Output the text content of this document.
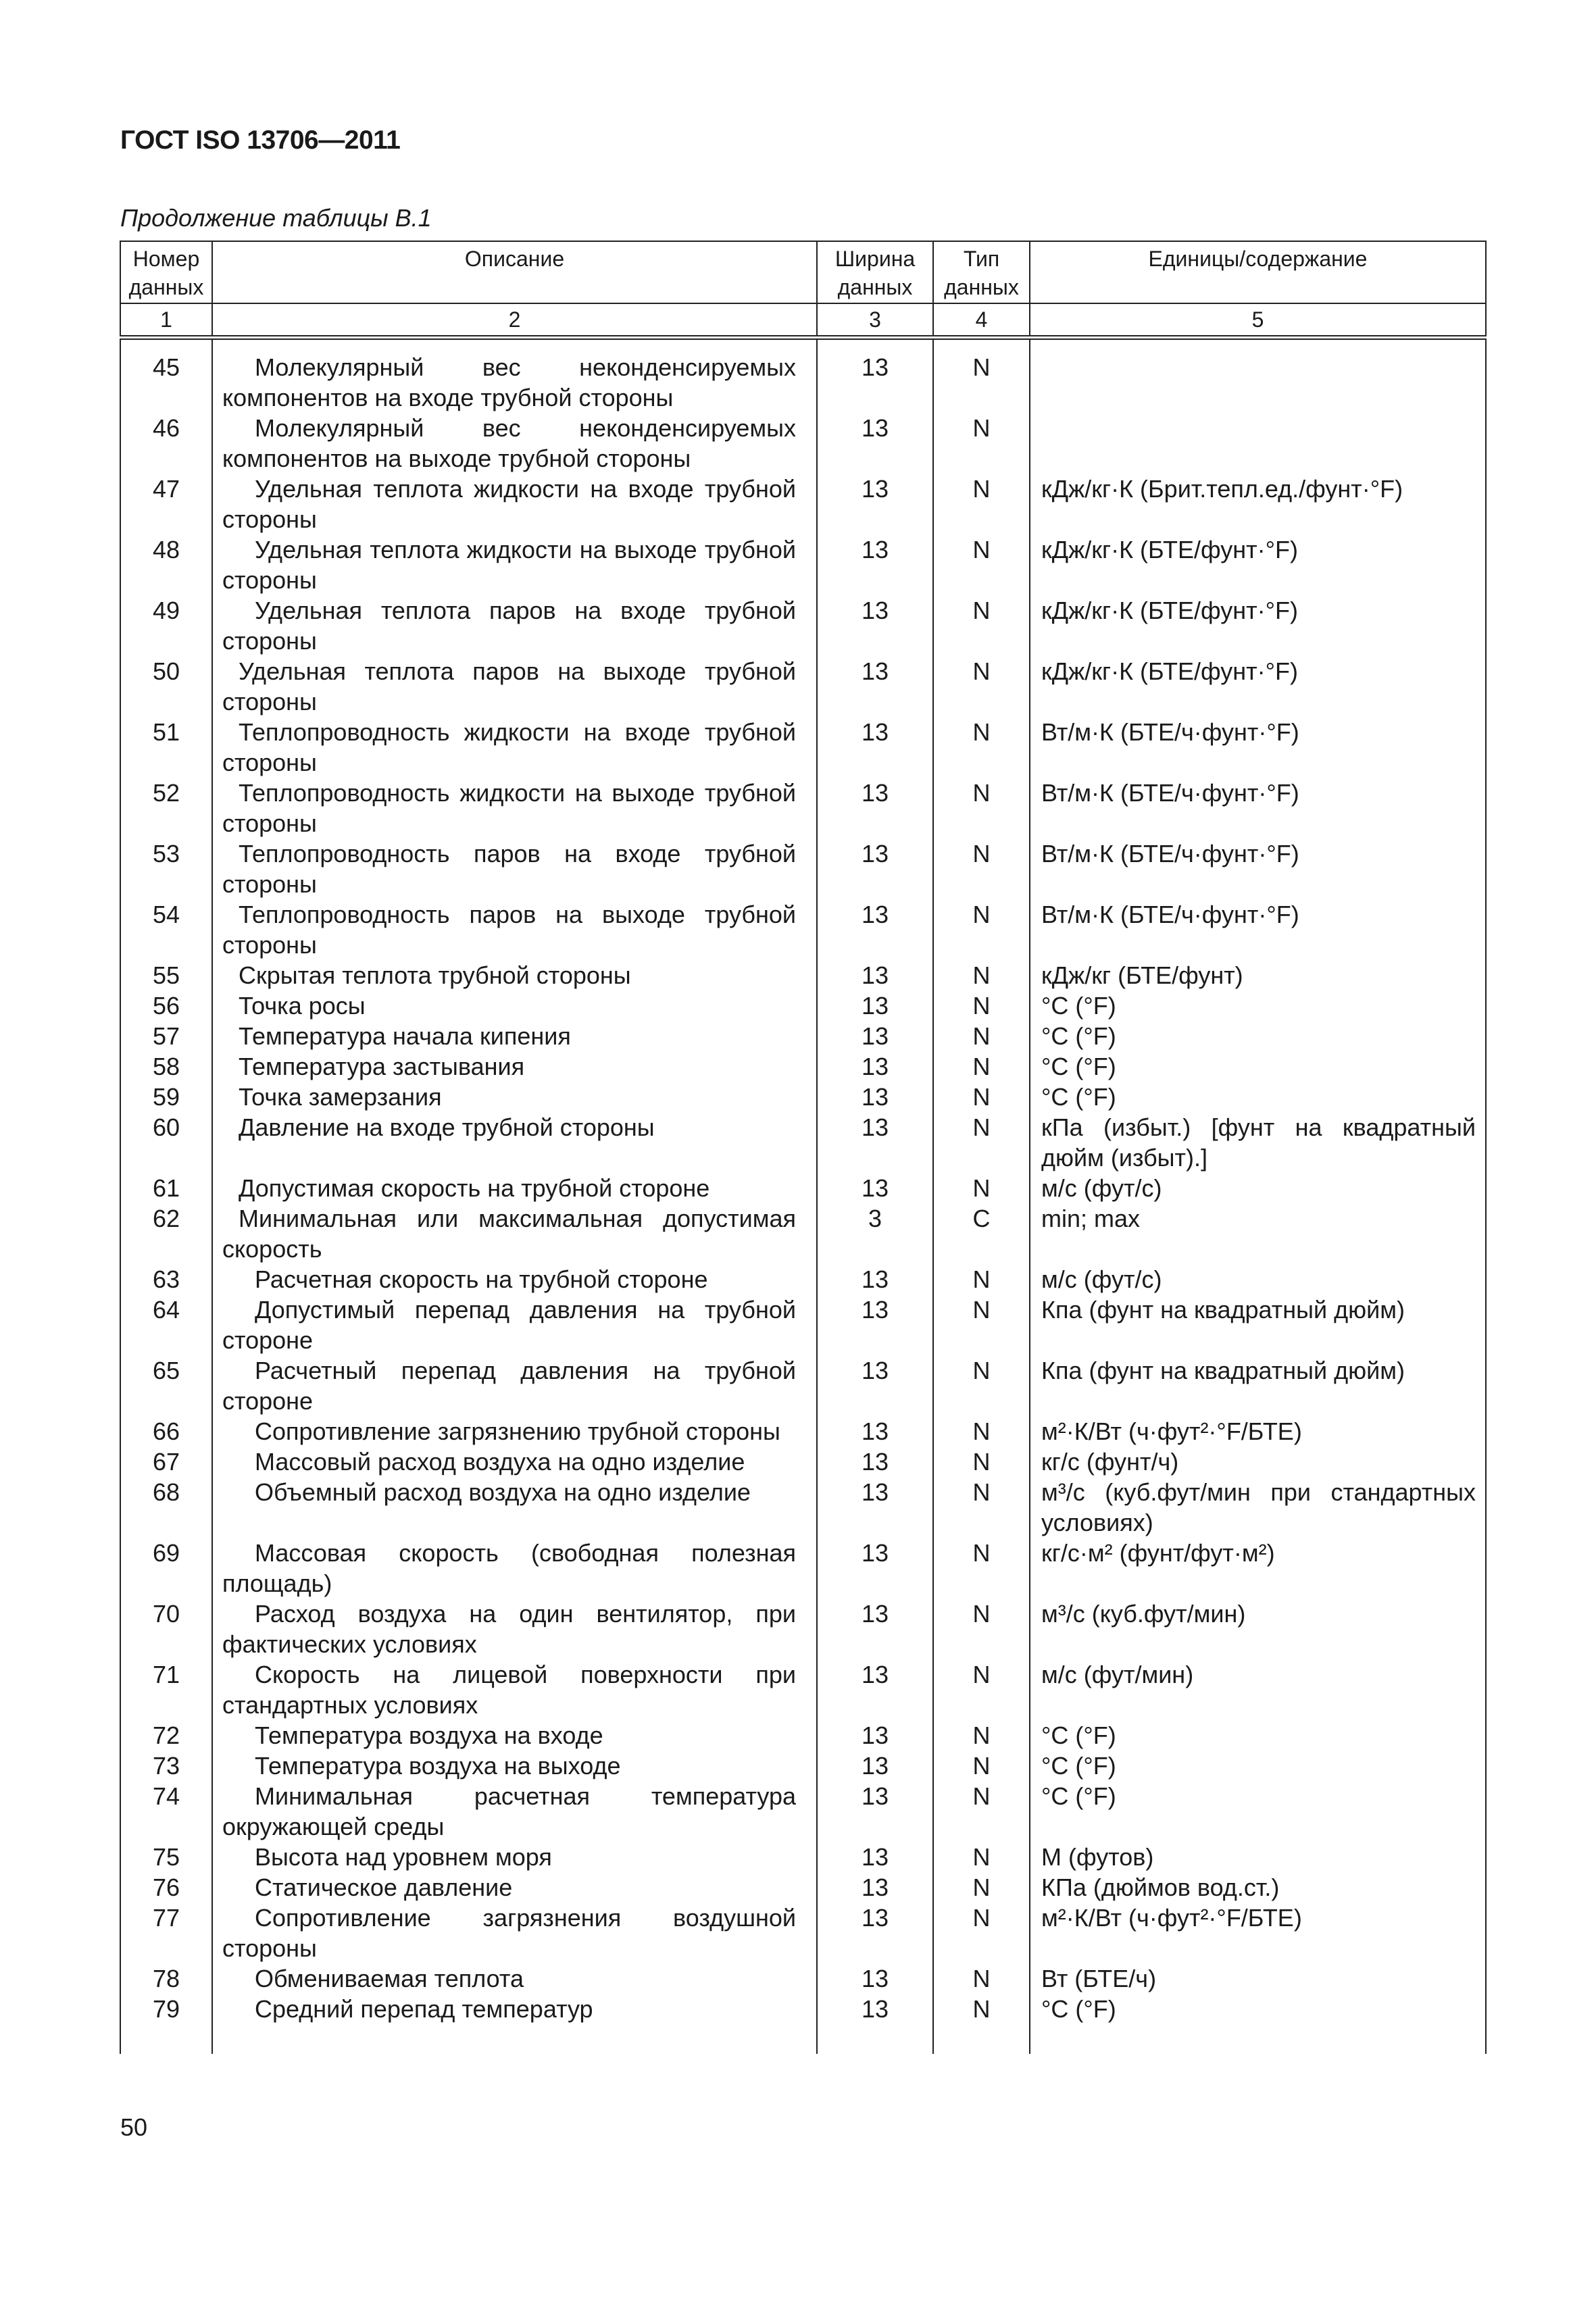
ГОСТ ISO 13706—2011
Продолжение таблицы В.1
Номер данных	Описание	Ширина данных	Тип данных	Единицы/содержание
1	2	3	4	5

45	Молекулярный вес неконденсируемых компонентов на входе трубной стороны	13	N	
46	Молекулярный вес неконденсируемых компонентов на выходе трубной стороны	13	N	
47	Удельная теплота жидкости на входе трубной стороны	13	N	кДж/кг·К (Брит.тепл.ед./фунт·°F)
48	Удельная теплота жидкости на выходе трубной стороны	13	N	кДж/кг·К (БТЕ/фунт·°F)
49	Удельная теплота паров на входе трубной стороны	13	N	кДж/кг·К (БТЕ/фунт·°F)
50	Удельная теплота паров на выходе трубной стороны	13	N	кДж/кг·К (БТЕ/фунт·°F)
51	Теплопроводность жидкости на входе трубной стороны	13	N	Вт/м·К (БТЕ/ч·фунт·°F)
52	Теплопроводность жидкости на выходе трубной стороны	13	N	Вт/м·К (БТЕ/ч·фунт·°F)
53	Теплопроводность паров на входе трубной стороны	13	N	Вт/м·К (БТЕ/ч·фунт·°F)
54	Теплопроводность паров на выходе трубной стороны	13	N	Вт/м·К (БТЕ/ч·фунт·°F)
55	Скрытая теплота трубной стороны	13	N	кДж/кг (БТЕ/фунт)
56	Точка росы	13	N	°C (°F)
57	Температура начала кипения	13	N	°C (°F)
58	Температура застывания	13	N	°C (°F)
59	Точка замерзания	13	N	°C (°F)
60	Давление на входе трубной стороны	13	N	кПа (избыт.) [фунт на квадратный дюйм (избыт).]
61	Допустимая скорость на трубной стороне	13	N	м/с (фут/с)
62	Минимальная или максимальная допустимая скорость	3	C	min; max
63	Расчетная скорость на трубной стороне	13	N	м/с (фут/с)
64	Допустимый перепад давления на трубной стороне	13	N	Кпа (фунт на квадратный дюйм)
65	Расчетный перепад давления на трубной стороне	13	N	Кпа (фунт на квадратный дюйм)
66	Сопротивление загрязнению трубной стороны	13	N	м²·К/Вт (ч·фут²·°F/БТЕ)
67	Массовый расход воздуха на одно изделие	13	N	кг/с (фунт/ч)
68	Объемный расход воздуха на одно изделие	13	N	м³/с (куб.фут/мин при стандартных условиях)
69	Массовая скорость (свободная полезная площадь)	13	N	кг/с·м² (фунт/фут·м²)
70	Расход воздуха на один вентилятор, при фактических условиях	13	N	м³/с (куб.фут/мин)
71	Скорость на лицевой поверхности при стандартных условиях	13	N	м/с (фут/мин)
72	Температура воздуха на входе	13	N	°C (°F)
73	Температура воздуха на выходе	13	N	°C (°F)
74	Минимальная расчетная температура окружающей среды	13	N	°C (°F)
75	Высота над уровнем моря	13	N	М (футов)
76	Статическое давление	13	N	КПа (дюймов вод.ст.)
77	Сопротивление загрязнения воздушной стороны	13	N	м²·К/Вт (ч·фут²·°F/БТЕ)
78	Обмениваемая теплота	13	N	Вт (БТЕ/ч)
79	Средний перепад температур	13	N	°C (°F)

50
